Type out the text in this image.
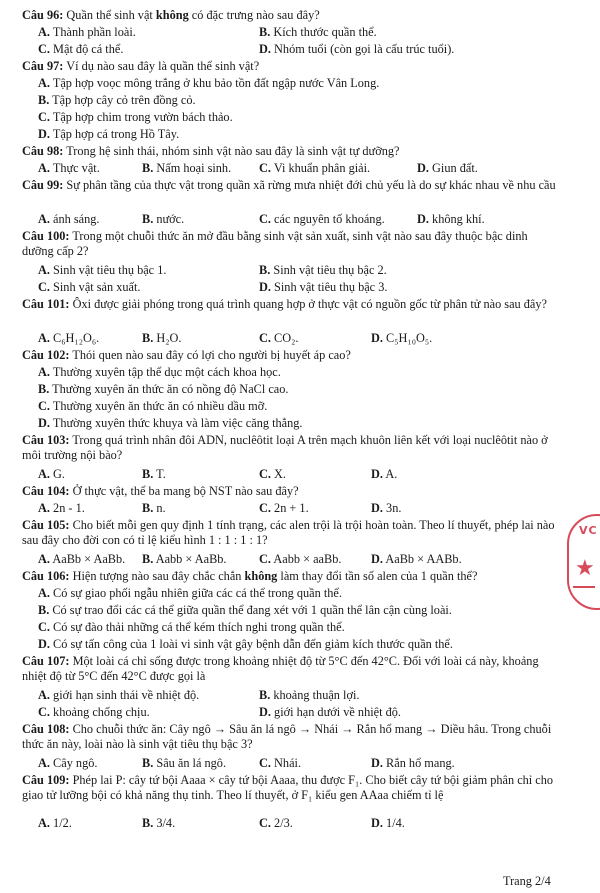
Câu 96: Quần thể sinh vật không có đặc trưng nào sau đây?
A. Thành phần loài.	B. Kích thước quần thể.
C. Mật độ cá thể.	D. Nhóm tuổi (còn gọi là cấu trúc tuổi).
Câu 97: Ví dụ nào sau đây là quần thể sinh vật?
A. Tập hợp voọc mông trắng ở khu bảo tồn đất ngập nước Vân Long.
B. Tập hợp cây cỏ trên đồng cỏ.
C. Tập hợp chim trong vườn bách thảo.
D. Tập hợp cá trong Hồ Tây.
Câu 98: Trong hệ sinh thái, nhóm sinh vật nào sau đây là sinh vật tự dưỡng?
A. Thực vật.	B. Nấm hoại sinh. C. Vi khuẩn phân giải.	D. Giun đất.
Câu 99: Sự phân tầng của thực vật trong quần xã rừng mưa nhiệt đới chủ yếu là do sự khác nhau về nhu cầu
A. ánh sáng.	B. nước.	C. các nguyên tố khoáng.	D. không khí.
Câu 100: Trong một chuỗi thức ăn mở đầu bằng sinh vật sản xuất, sinh vật nào sau đây thuộc bậc dinh dưỡng cấp 2?
A. Sinh vật tiêu thụ bậc 1.	B. Sinh vật tiêu thụ bậc 2.
C. Sinh vật sản xuất.	D. Sinh vật tiêu thụ bậc 3.
Câu 101: Ôxi được giải phóng trong quá trình quang hợp ở thực vật có nguồn gốc từ phân tử nào sau đây?
A. C₆H₁₂O₆.	B. H₂O.	C. CO₂.	D. C₅H₁₀O₅.
Câu 102: Thói quen nào sau đây có lợi cho người bị huyết áp cao?
A. Thường xuyên tập thể dục một cách khoa học.
B. Thường xuyên ăn thức ăn có nồng độ NaCl cao.
C. Thường xuyên ăn thức ăn có nhiều dầu mỡ.
D. Thường xuyên thức khuya và làm việc căng thẳng.
Câu 103: Trong quá trình nhân đôi ADN, nuclêôtit loại A trên mạch khuôn liên kết với loại nuclêôtit nào ở môi trường nội bào?
A. G.	B. T.	C. X.	D. A.
Câu 104: Ở thực vật, thể ba mang bộ NST nào sau đây?
A. 2n - 1.	B. n.	C. 2n + 1.	D. 3n.
Câu 105: Cho biết mỗi gen quy định 1 tính trạng, các alen trội là trội hoàn toàn. Theo lí thuyết, phép lai nào sau đây cho đời con có tỉ lệ kiểu hình 1 : 1 : 1 : 1?
A. AaBb × AaBb. B. Aabb × AaBb.	C. Aabb × aaBb. D. AaBb × AABb.
Câu 106: Hiện tượng nào sau đây chắc chắn không làm thay đổi tần số alen của 1 quần thể?
A. Có sự giao phối ngẫu nhiên giữa các cá thể trong quần thể.
B. Có sự trao đổi các cá thể giữa quần thể đang xét với 1 quần thể lân cận cùng loài.
C. Có sự đào thải những cá thể kém thích nghi trong quần thể.
D. Có sự tấn công của 1 loài vi sinh vật gây bệnh dẫn đến giảm kích thước quần thể.
Câu 107: Một loài cá chỉ sống được trong khoảng nhiệt độ từ 5°C đến 42°C. Đối với loài cá này, khoảng nhiệt độ từ 5°C đến 42°C được gọi là
A. giới hạn sinh thái về nhiệt độ.	B. khoảng thuận lợi.
C. khoảng chống chịu.	D. giới hạn dưới về nhiệt độ.
Câu 108: Cho chuỗi thức ăn: Cây ngô → Sâu ăn lá ngô → Nhái → Rắn hổ mang → Diều hâu. Trong chuỗi thức ăn này, loài nào là sinh vật tiêu thụ bậc 3?
A. Cây ngô.	B. Sâu ăn lá ngô.	C. Nhái.	D. Rắn hổ mang.
Câu 109: Phép lai P: cây tứ bội Aaaa × cây tứ bội Aaaa, thu được F₁. Cho biết cây tứ bội giảm phân chỉ cho giao tử lưỡng bội có khả năng thụ tinh. Theo lí thuyết, ở F₁ kiểu gen AAaa chiếm tỉ lệ
A. 1/2.	B. 3/4.	C. 2/3.	D. 1/4.
VC
★
Trang 2/4
